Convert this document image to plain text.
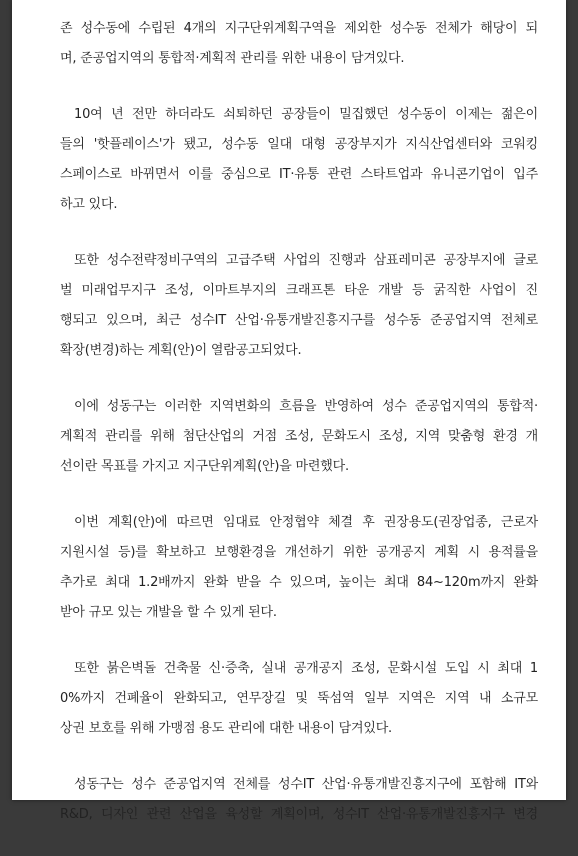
존 성수동에 수립된 4개의 지구단위계획구역을 제외한 성수동 전체가 해당이 되
며, 준공업지역의 통합적·계획적 관리를 위한 내용이 담겨있다.

10여 년 전만 하더라도 쇠퇴하던 공장들이 밀집했던 성수동이 이제는 젊은이
들의 '핫플레이스'가 됐고, 성수동 일대 대형 공장부지가 지식산업센터와 코워킹
스페이스로 바뀌면서 이를 중심으로 IT·유통 관련 스타트업과 유니콘기업이 입주
하고 있다.

또한 성수전략정비구역의 고급주택 사업의 진행과 삼표레미콘 공장부지에 글로
벌 미래업무지구 조성, 이마트부지의 크래프톤 타운 개발 등 굵직한 사업이 진
행되고 있으며, 최근 성수IT 산업·유통개발진흥지구를 성수동 준공업지역 전체로
확장(변경)하는 계획(안)이 열람공고되었다.

이에 성동구는 이러한 지역변화의 흐름을 반영하여 성수 준공업지역의 통합적·
계획적 관리를 위해 첨단산업의 거점 조성, 문화도시 조성, 지역 맞춤형 환경 개
선이란 목표를 가지고 지구단위계획(안)을 마련했다.

이번 계획(안)에 따르면 임대료 안정협약 체결 후 권장용도(권장업종, 근로자
지원시설 등)를 확보하고 보행환경을 개선하기 위한 공개공지 계획 시 용적률을
추가로 최대 1.2배까지 완화 받을 수 있으며, 높이는 최대 84~120m까지 완화
받아 규모 있는 개발을 할 수 있게 된다.

또한 붉은벽돌 건축물 신·증축, 실내 공개공지 조성, 문화시설 도입 시 최대 1
0%까지 건폐율이 완화되고, 연무장길 및 뚝섬역 일부 지역은 지역 내 소규모
상권 보호를 위해 가맹점 용도 관리에 대한 내용이 담겨있다.

성동구는 성수 준공업지역 전체를 성수IT 산업·유통개발진흥지구에 포함해 IT와
R&D, 디자인 관련 산업을 육성할 계획이며, 성수IT 산업·유통개발진흥지구 변경
